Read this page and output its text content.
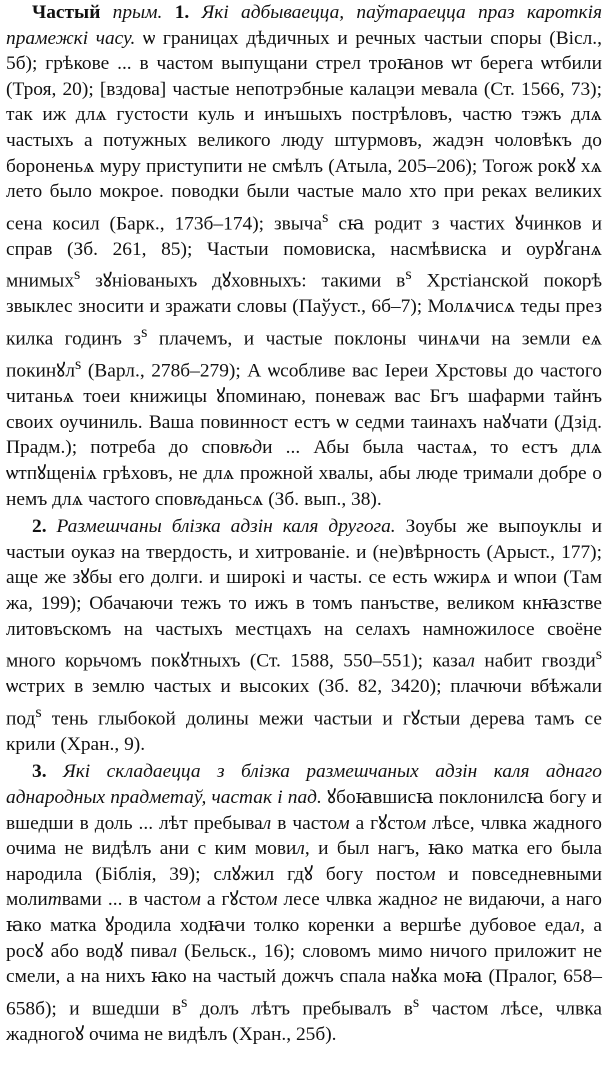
Частый прым. 1. Які адбываецца, паўтараецца праз кароткія прамежкі часу. ѡ границах дѣдичных и речных частыи споры (Вісл., 5б); грѣкове ... в частом выпущани стрел троꙗнов ѡт берега ѡтбили (Троя, 20); [вздова] частые непотрэбные калацэи мевала (Ст. 1566, 73); так иж длѧ густости куль и инъшыхъ пострѣловъ, частю тэжъ длѧ частыхъ а потужных великого люду штурмовъ, жадэн чоловѣкъ до бороненьѧ муру приступити не смѣлъ (Атыла, 205–206); Тогож рокꙋ хѧ лето было мокрое. поводки были частые мало хто при реках великих сена косил (Барк., 173б–174); звыча$^s$ сꙗ родит з частих ꙋчинков и справ (Зб. 261, 85); Частыи помовиска, насмѣвиска и оурꙋганѧ мнимых$^s$ зꙋніованыхъ дꙋховныхъ: такими $в^s$ Хрстіанской покорѣ звыклес зносити и зражати словы (Паўуст., 6б–7); Молѧчисѧ теды през килка годинъ $з^s$ плачемъ, и частые поклоны чинѧчи на земли еѧ покинꙋл$^s$ (Варл., 278б–279); А ѡсобливе вас Іереи Хрстовы до частого читаньѧ тоеи книжицы ꙋпоминаю, поневаж вас Бгъ шафарми тайнъ своих оучиниль. Ваша повинност естъ ѡ седми таинахъ наꙋчати (Дзід. Прадм.); потреба до сповѣди ... Абы была частаѧ, то естъ длѧ ѡтпꙋщеніѧ грѣховъ, не длѧ прожной хвалы, абы люде тримали добре о немъ длѧ частого сповѣданьсѧ (Зб. вып., 38).

2. Размешчаны блізка адзін каля другога. Зоубы же выпоуклы и частыи оуказ на твердость, и хитрованіе. и (не)вѣрность (Арыст., 177); аще же зꙋбы его долги. и широкі и часты. се есть ѡжирѧ и ѡпои (Там жа, 199); Обачаючи тежъ то ижъ в томъ панъстве, великом кнꙗзстве литовъскомъ на частыхъ местцахъ на селахъ намножилосе своёне много корьчомъ покꙋтныхъ (Ст. 1588, 550–551); казал набит гвозди$^s$ ѡстрих в землю частых и высоких (Зб. 82, 3420); плачючи вбѣжали под$^s$ тень глыбокой долины межи частыи и гꙋстыи дерева тамъ се крили (Хран., 9).

3. Які складаецца з блізка размешчаных адзін каля аднаго аднародных прадметаў, частак і пад. ꙋбоꙗвшисꙗ поклонилсꙗ богу и вшедши в доль ... лѣт пребывал в частом а гꙋстом лѣсе, члвка жадного очима не видѣлъ ани с ким мовил, и был нагъ, ꙗко матка его была народила (Біблія, 39); слꙋжил гдꙋ богу постом и повседневными молитвами ... в частом а гꙋстом лесе члвка жадног не видаючи, а наго ꙗко матка ꙋродила ходꙗчи толко коренки а вершѣе дубовое едал, а росꙋ або водꙋ пивал (Бельск., 16); словомъ мимо ничого приложит не смели, а на нихъ ꙗко на частый дожчъ спала наꙋка моꙗ (Пралог, 658–658б); и вшедши $в^s$ долъ лѣтъ пребывалъ $в^s$ частом лѣсе, члвка жадногоꙋ очима не видѣлъ (Хран., 25б).
